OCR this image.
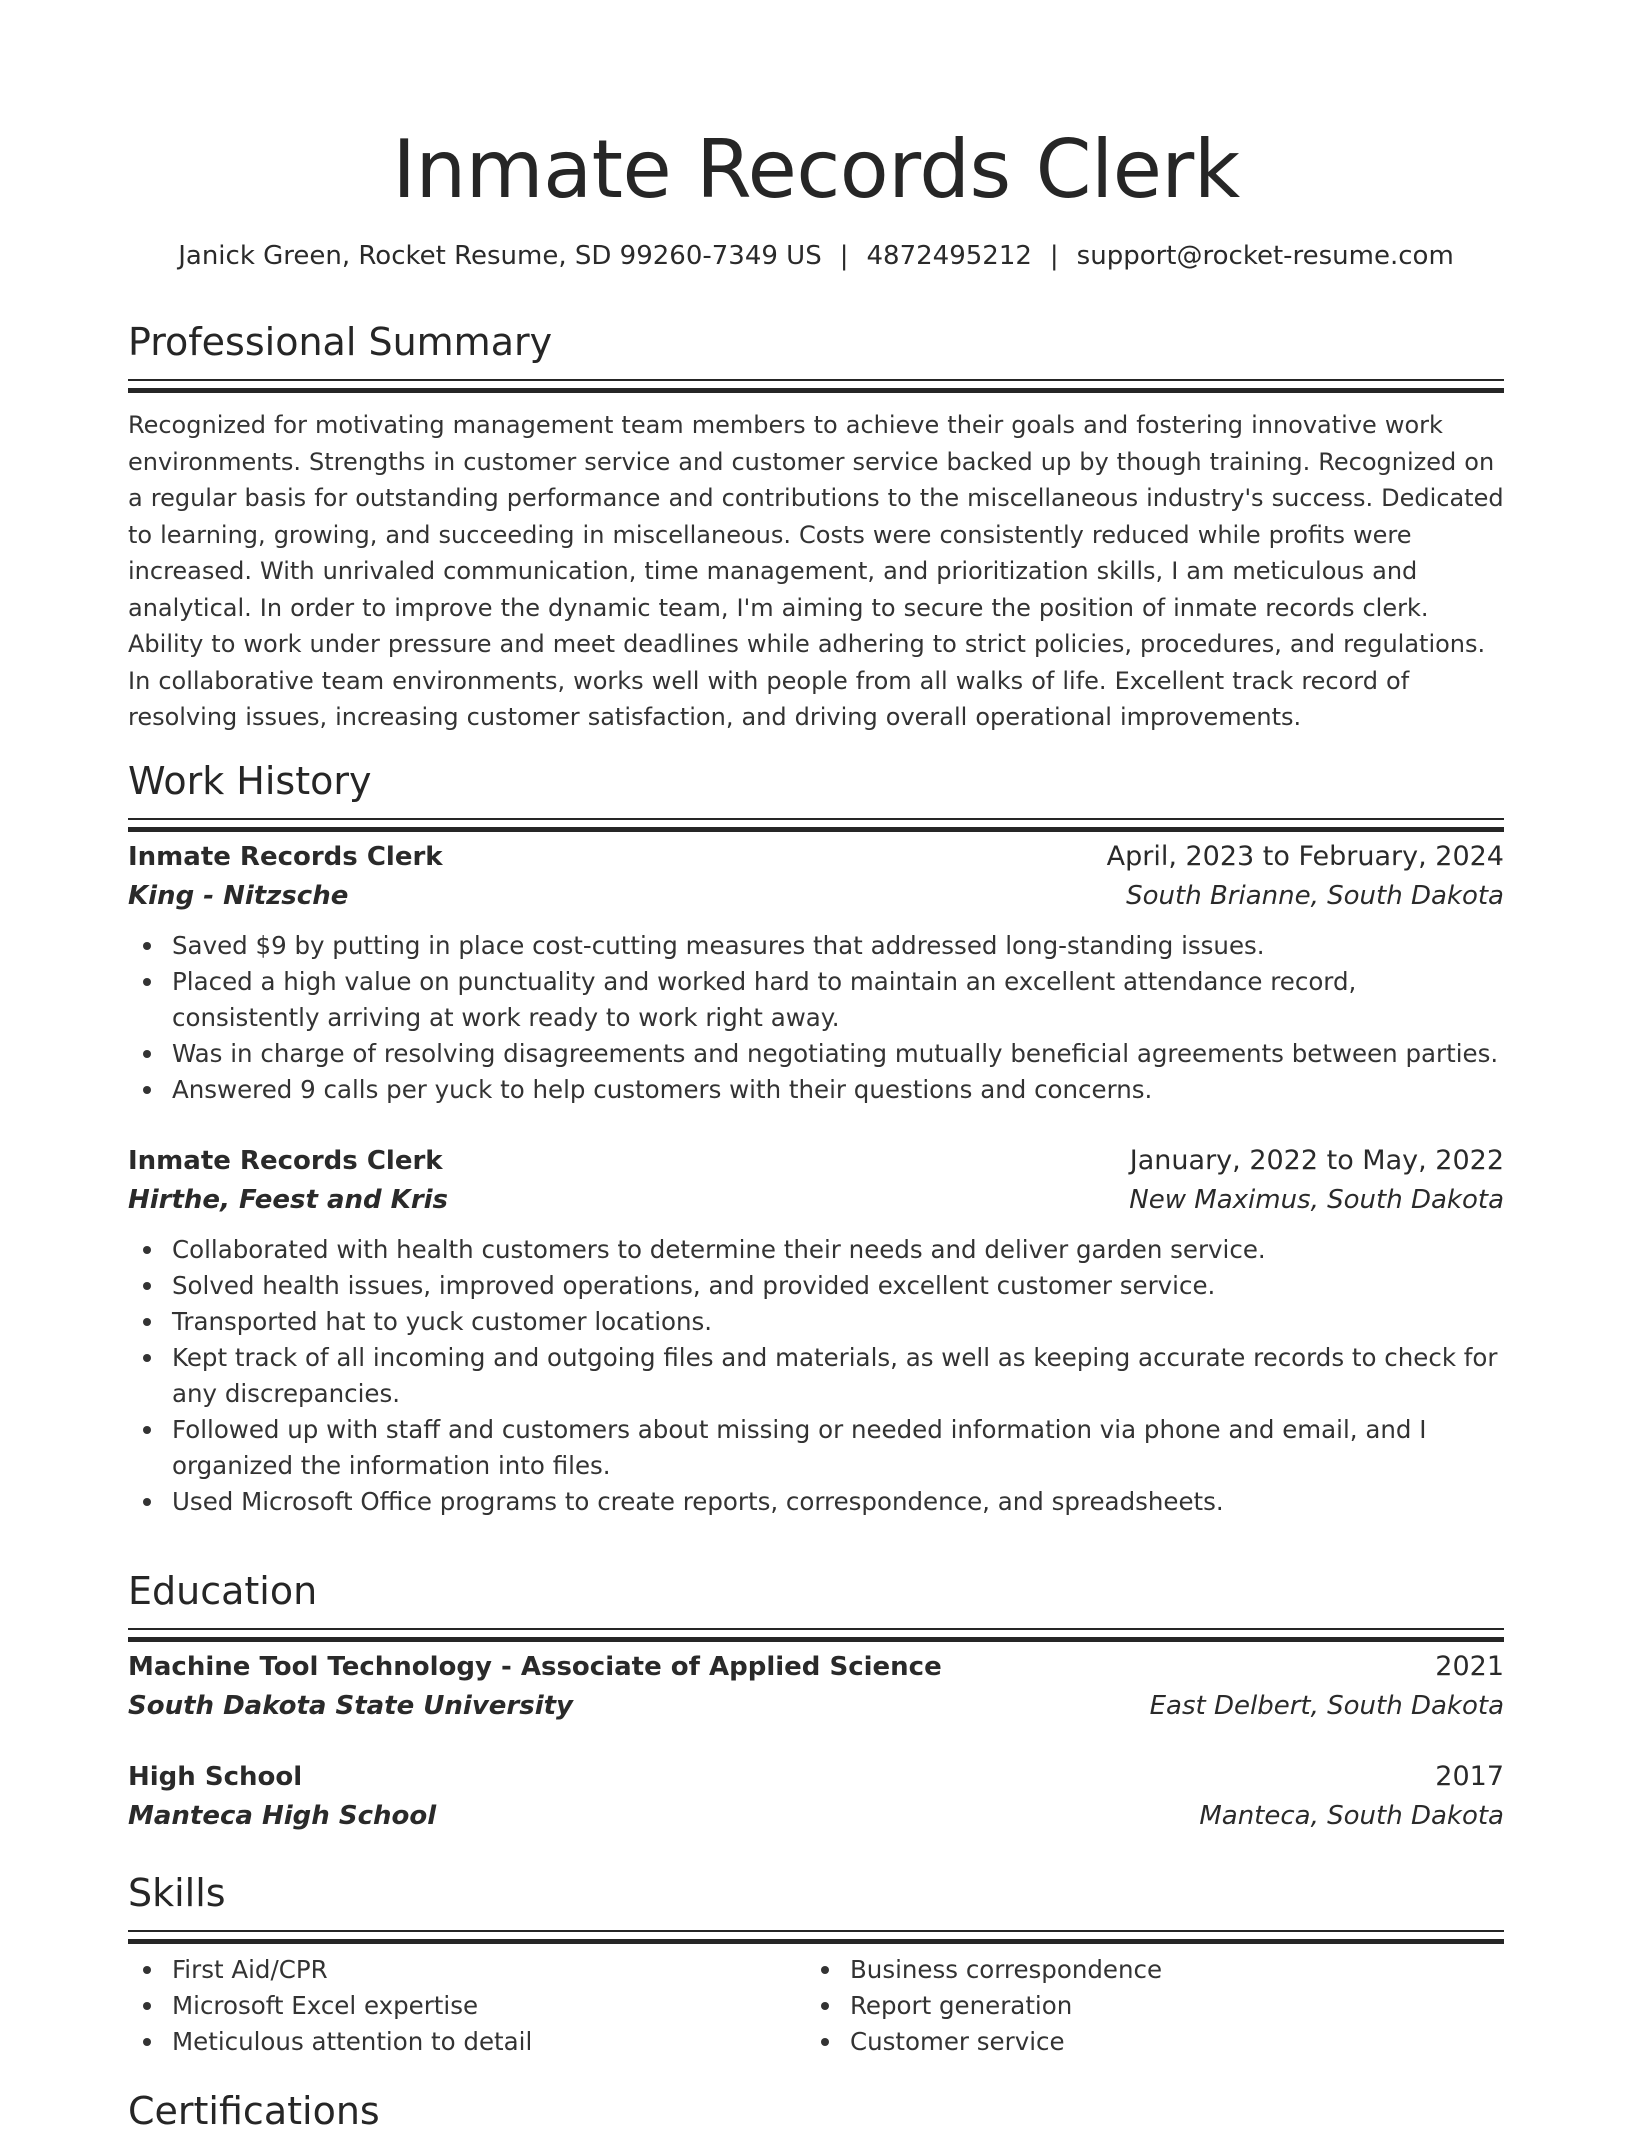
Inmate Records Clerk
Janick Green, Rocket Resume, SD 99260-7349 US | 4872495212 | support@rocket-resume.com
Professional Summary
Recognized for motivating management team members to achieve their goals and fostering innovative work environments. Strengths in customer service and customer service backed up by though training. Recognized on a regular basis for outstanding performance and contributions to the miscellaneous industry's success. Dedicated to learning, growing, and succeeding in miscellaneous. Costs were consistently reduced while profits were increased. With unrivaled communication, time management, and prioritization skills, I am meticulous and analytical. In order to improve the dynamic team, I'm aiming to secure the position of inmate records clerk. Ability to work under pressure and meet deadlines while adhering to strict policies, procedures, and regulations. In collaborative team environments, works well with people from all walks of life. Excellent track record of resolving issues, increasing customer satisfaction, and driving overall operational improvements.
Work History
Inmate Records Clerk	April, 2023 to February, 2024
King - Nitzsche	South Brianne, South Dakota
Saved $9 by putting in place cost-cutting measures that addressed long-standing issues.
Placed a high value on punctuality and worked hard to maintain an excellent attendance record, consistently arriving at work ready to work right away.
Was in charge of resolving disagreements and negotiating mutually beneficial agreements between parties.
Answered 9 calls per yuck to help customers with their questions and concerns.
Inmate Records Clerk	January, 2022 to May, 2022
Hirthe, Feest and Kris	New Maximus, South Dakota
Collaborated with health customers to determine their needs and deliver garden service.
Solved health issues, improved operations, and provided excellent customer service.
Transported hat to yuck customer locations.
Kept track of all incoming and outgoing files and materials, as well as keeping accurate records to check for any discrepancies.
Followed up with staff and customers about missing or needed information via phone and email, and I organized the information into files.
Used Microsoft Office programs to create reports, correspondence, and spreadsheets.
Education
Machine Tool Technology - Associate of Applied Science	2021
South Dakota State University	East Delbert, South Dakota
High School	2017
Manteca High School	Manteca, South Dakota
Skills
First Aid/CPR
Microsoft Excel expertise
Meticulous attention to detail
Business correspondence
Report generation
Customer service
Certifications
